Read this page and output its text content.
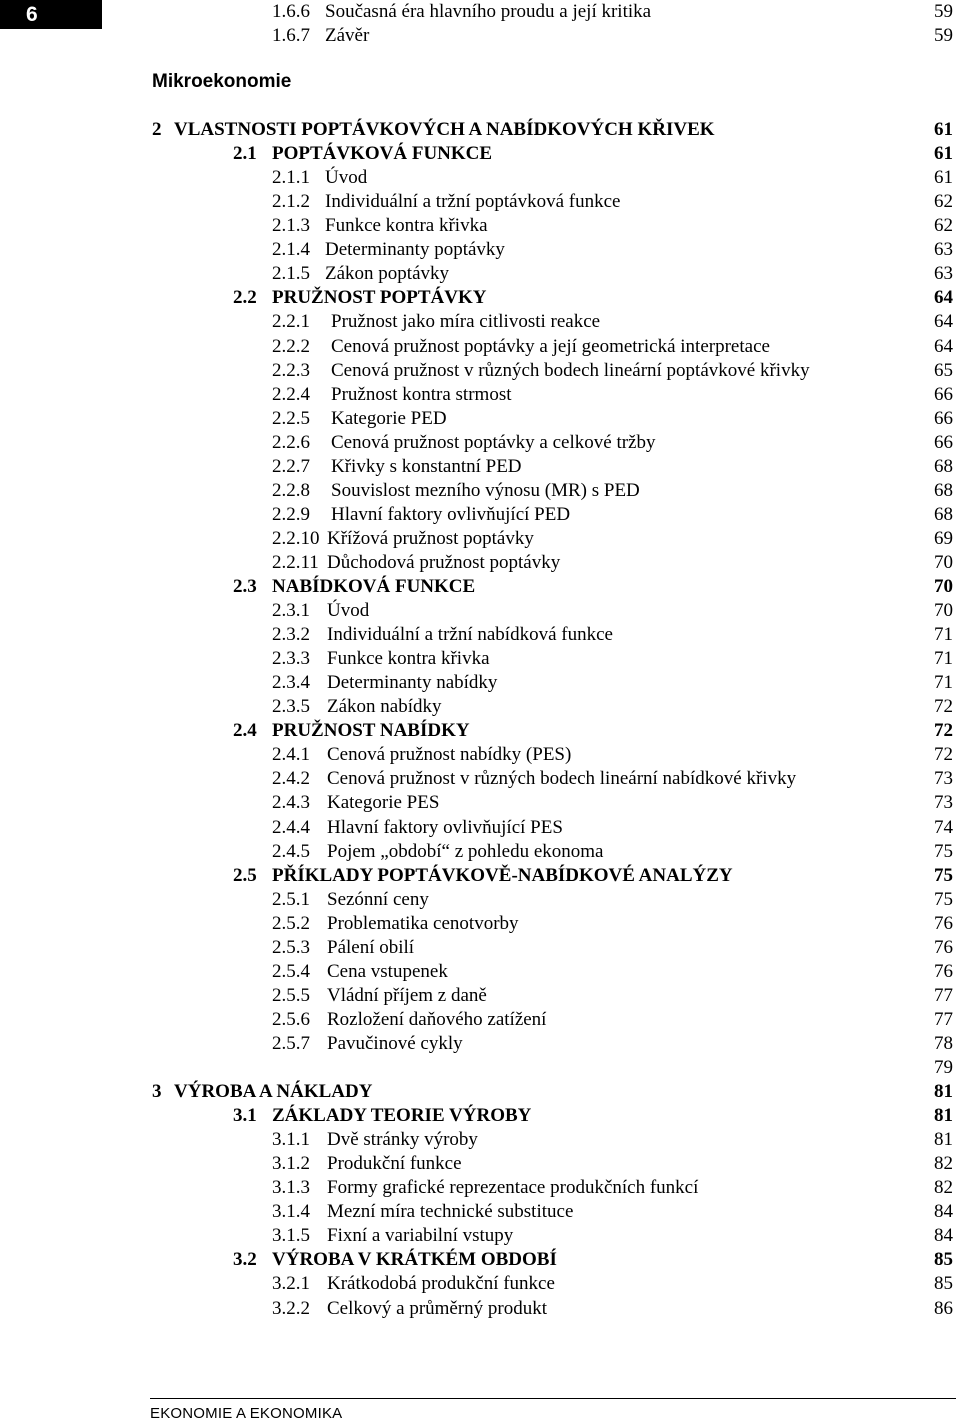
6
Mikroekonomie
1.6.6 Současná éra hlavního proudu a její kritika	59
1.6.7 Závěr	59
2 VLASTNOSTI POPTÁVKOVÝCH A NABÍDKOVÝCH KŘIVEK	61
2.1 POPTÁVKOVÁ FUNKCE	61
2.1.1 Úvod	61
2.1.2 Individuální a tržní poptávková funkce	62
2.1.3 Funkce kontra křivka	62
2.1.4 Determinanty poptávky	63
2.1.5 Zákon poptávky	63
2.2 PRUŽNOST POPTÁVKY	64
2.2.1 Pružnost jako míra citlivosti reakce	64
2.2.2 Cenová pružnost poptávky a její geometrická interpretace	64
2.2.3 Cenová pružnost v různých bodech lineární poptávkové křivky	65
2.2.4 Pružnost kontra strmost	66
2.2.5 Kategorie PED	66
2.2.6 Cenová pružnost poptávky a celkové tržby	66
2.2.7 Křivky s konstantní PED	68
2.2.8 Souvislost mezního výnosu (MR) s PED	68
2.2.9 Hlavní faktory ovlivňující PED	68
2.2.10 Křížová pružnost poptávky	69
2.2.11 Důchodová pružnost poptávky	70
2.3 NABÍDKOVÁ FUNKCE	70
2.3.1 Úvod	70
2.3.2 Individuální a tržní nabídková funkce	71
2.3.3 Funkce kontra křivka	71
2.3.4 Determinanty nabídky	71
2.3.5 Zákon nabídky	72
2.4 PRUŽNOST NABÍDKY	72
2.4.1 Cenová pružnost nabídky (PES)	72
2.4.2 Cenová pružnost v různých bodech lineární nabídkové křivky	73
2.4.3 Kategorie PES	73
2.4.4 Hlavní faktory ovlivňující PES	74
2.4.5 Pojem „období“ z pohledu ekonoma	75
2.5 PŘÍKLADY POPTÁVKOVĚ-NABÍDKOVÉ ANALÝZY	75
2.5.1 Sezónní ceny	75
2.5.2 Problematika cenotvorby	76
2.5.3 Pálení obilí	76
2.5.4 Cena vstupenek	76
2.5.5 Vládní příjem z daně	77
2.5.6 Rozložení daňového zatížení	77
2.5.7 Pavučinové cykly	78
79
3 VÝROBA A NÁKLADY	81
3.1 ZÁKLADY TEORIE VÝROBY	81
3.1.1 Dvě stránky výroby	81
3.1.2 Produkční funkce	82
3.1.3 Formy grafické reprezentace produkčních funkcí	82
3.1.4 Mezní míra technické substituce	84
3.1.5 Fixní a variabilní vstupy	84
3.2 VÝROBA V KRÁTKÉM OBDOBÍ	85
3.2.1 Krátkodobá produkční funkce	85
3.2.2 Celkový a průměrný produkt	86
EKONOMIE A EKONOMIKA
